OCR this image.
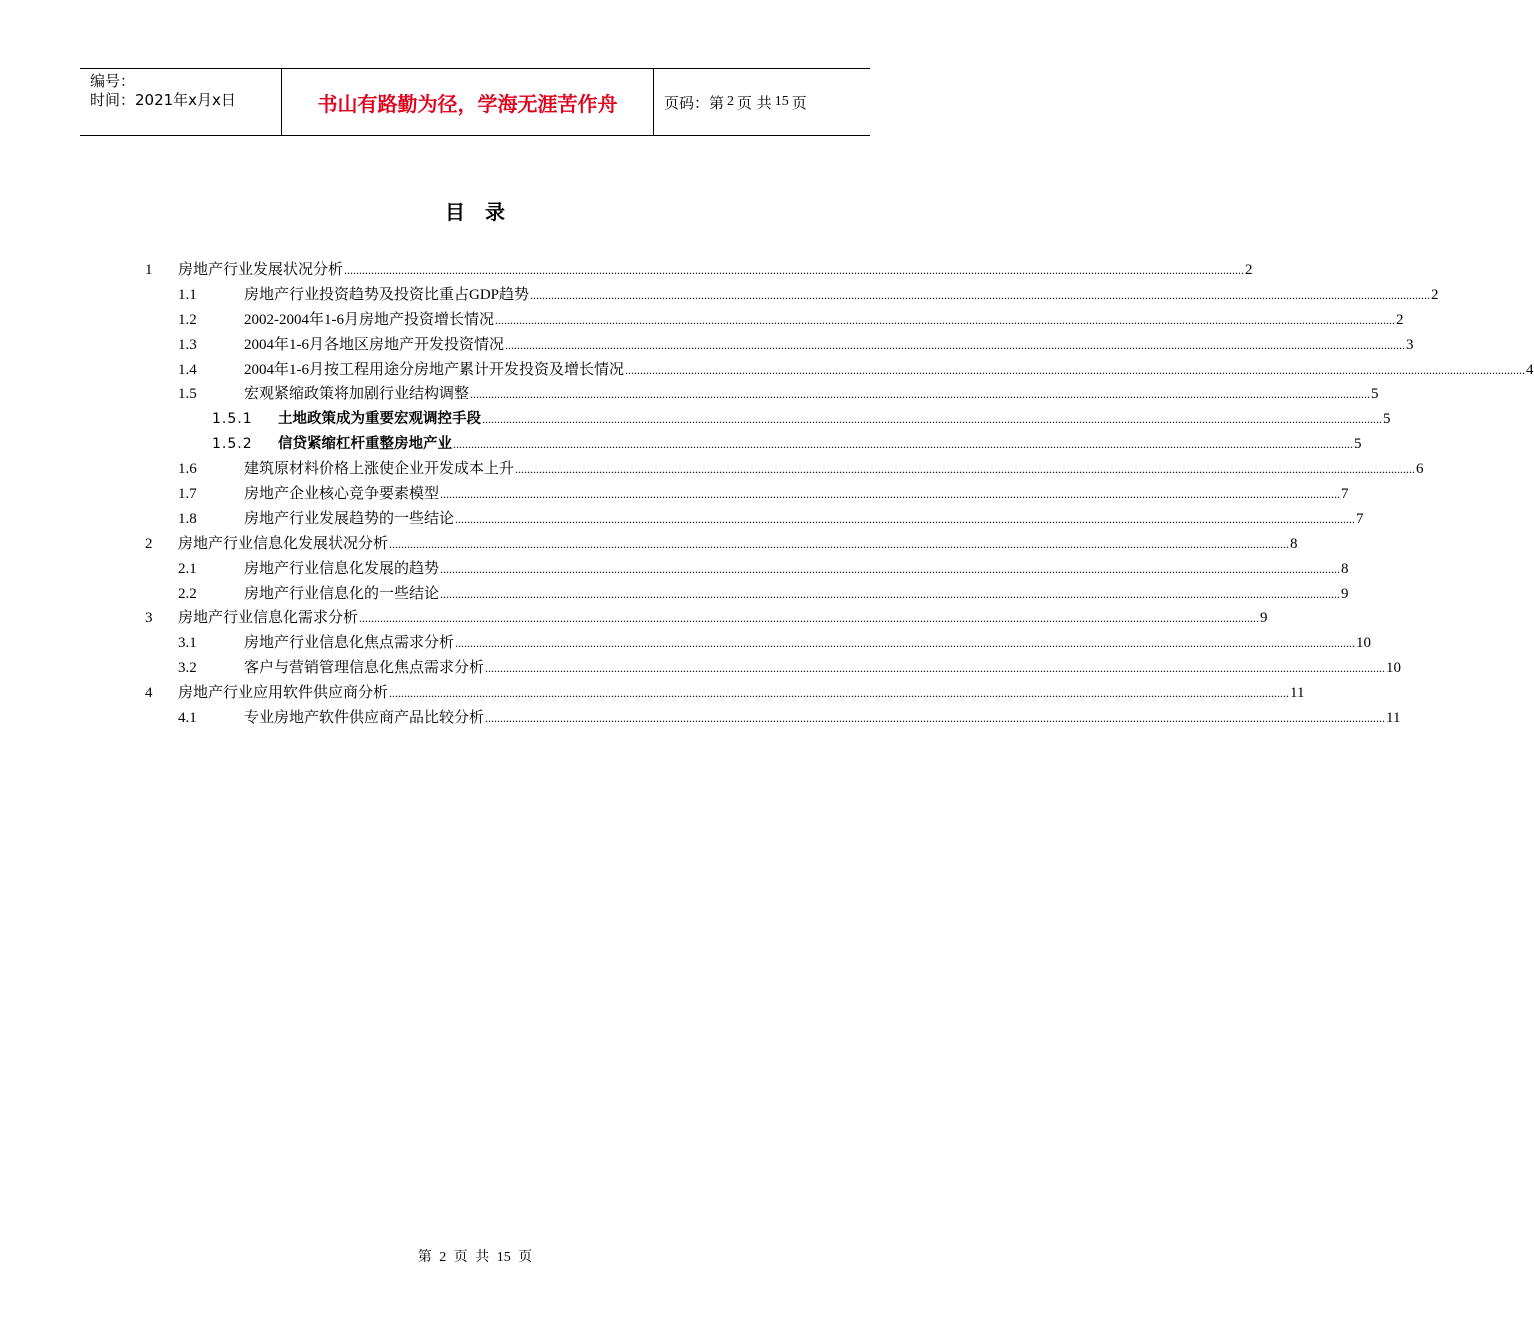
编号：
时间：2021年x月x日	书山有路勤为径，学海无涯苦作舟	页码：第 2 页 共 15 页
目录
1 房地产行业发展状况分析 ............................................................................................................................................................................................................................................................................................................ 2
1.1	房地产行业投资趋势及投资比重占GDP趋势 ............................................................................................................................................................................................................................................................................................................ 2
1.2	2002-2004年1-6月房地产投资增长情况 ............................................................................................................................................................................................................................................................................................................ 2
1.3	2004年1-6月各地区房地产开发投资情况 ............................................................................................................................................................................................................................................................................................................ 3
1.4	2004年1-6月按工程用途分房地产累计开发投资及增长情况 ............................................................................................................................................................................................................................................................................................................ 4
1.5	宏观紧缩政策将加剧行业结构调整 ............................................................................................................................................................................................................................................................................................................ 5
1.5.1 土地政策成为重要宏观调控手段 ............................................................................................................................................................................................................................................................................................................ 5
1.5.2 信贷紧缩杠杆重整房地产业 ............................................................................................................................................................................................................................................................................................................ 5
1.6	建筑原材料价格上涨使企业开发成本上升 ............................................................................................................................................................................................................................................................................................................ 6
1.7	房地产企业核心竞争要素模型 ............................................................................................................................................................................................................................................................................................................ 7
1.8	房地产行业发展趋势的一些结论 ............................................................................................................................................................................................................................................................................................................ 7
2 房地产行业信息化发展状况分析 ............................................................................................................................................................................................................................................................................................................ 8
2.1	房地产行业信息化发展的趋势 ............................................................................................................................................................................................................................................................................................................ 8
2.2	房地产行业信息化的一些结论 ............................................................................................................................................................................................................................................................................................................ 9
3 房地产行业信息化需求分析 ............................................................................................................................................................................................................................................................................................................ 9
3.1	房地产行业信息化焦点需求分析 ............................................................................................................................................................................................................................................................................................................ 10
3.2	客户与营销管理信息化焦点需求分析 ............................................................................................................................................................................................................................................................................................................ 10
4 房地产行业应用软件供应商分析 ............................................................................................................................................................................................................................................................................................................ 11
4.1	专业房地产软件供应商产品比较分析 ............................................................................................................................................................................................................................................................................................................ 11
第 2 页 共 15 页
